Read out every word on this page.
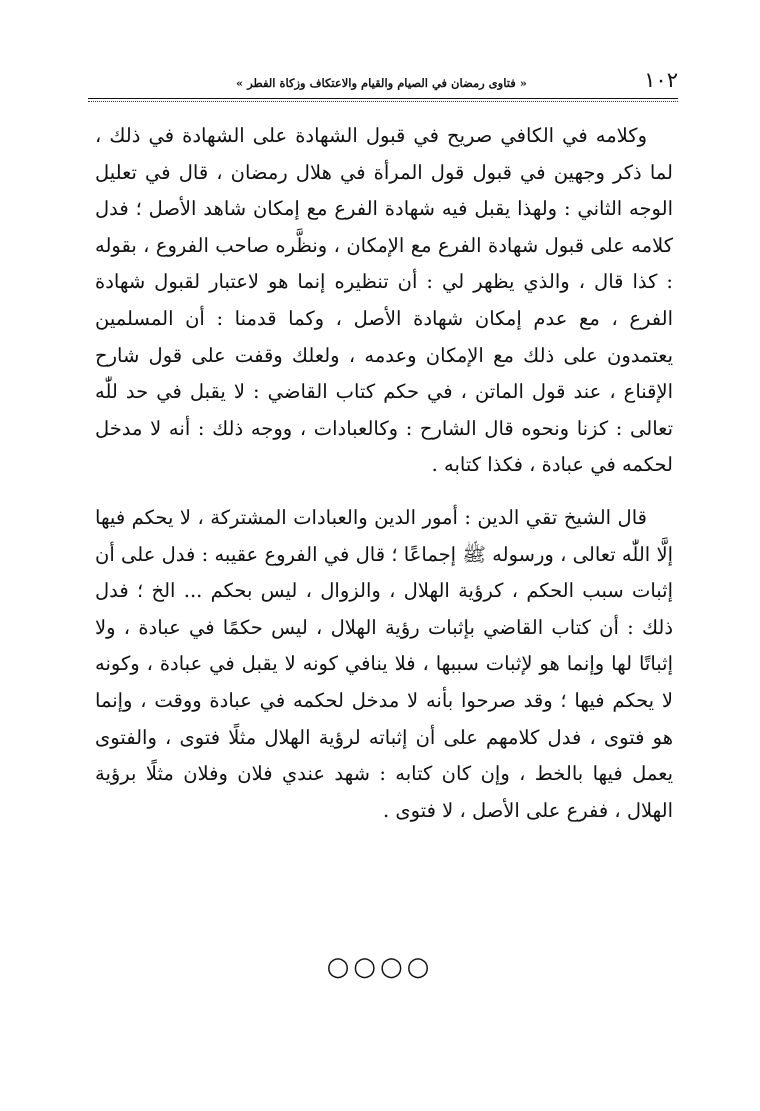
١٠٢
« فتاوى رمضان في الصيام والقيام والاعتكاف وزكاة الفطر »

وكلامه في الكافي صريح في قبول الشهادة على الشهادة في ذلك ، لما ذكر وجهين في قبول قول المرأة في هلال رمضان ، قال في تعليل الوجه الثاني : ولهذا يقبل فيه شهادة الفرع مع إمكان شاهد الأصل ؛ فدل كلامه على قبول شهادة الفرع مع الإمكان ، ونظَّره صاحب الفروع ، بقوله : كذا قال ، والذي يظهر لي : أن تنظيره إنما هو لاعتبار لقبول شهادة الفرع ، مع عدم إمكان شهادة الأصل ، وكما قدمنا : أن المسلمين يعتمدون على ذلك مع الإمكان وعدمه ، ولعلك وقفت على قول شارح الإقناع ، عند قول الماتن ، في حكم كتاب القاضي : لا يقبل في حد للّٰه تعالى : كزنا ونحوه قال الشارح : وكالعبادات ، ووجه ذلك : أنه لا مدخل لحكمه في عبادة ، فكذا كتابه .

قال الشيخ تقي الدين : أمور الدين والعبادات المشتركة ، لا يحكم فيها إلَّا اللّٰه تعالى ، ورسوله ﷺ إجماعًا ؛ قال في الفروع عقيبه : فدل على أن إثبات سبب الحكم ، كرؤية الهلال ، والزوال ، ليس بحكم ... الخ ؛ فدل ذلك : أن كتاب القاضي بإثبات رؤية الهلال ، ليس حكمًا في عبادة ، ولا إثباتًا لها وإنما هو لإثبات سببها ، فلا ينافي كونه لا يقبل في عبادة ، وكونه لا يحكم فيها ؛ وقد صرحوا بأنه لا مدخل لحكمه في عبادة ووقت ، وإنما هو فتوى ، فدل كلامهم على أن إثباته لرؤية الهلال مثلًا فتوى ، والفتوى يعمل فيها بالخط ، وإن كان كتابه : شهد عندي فلان وفلان مثلًا برؤية الهلال ، ففرع على الأصل ، لا فتوى .

○○○○
